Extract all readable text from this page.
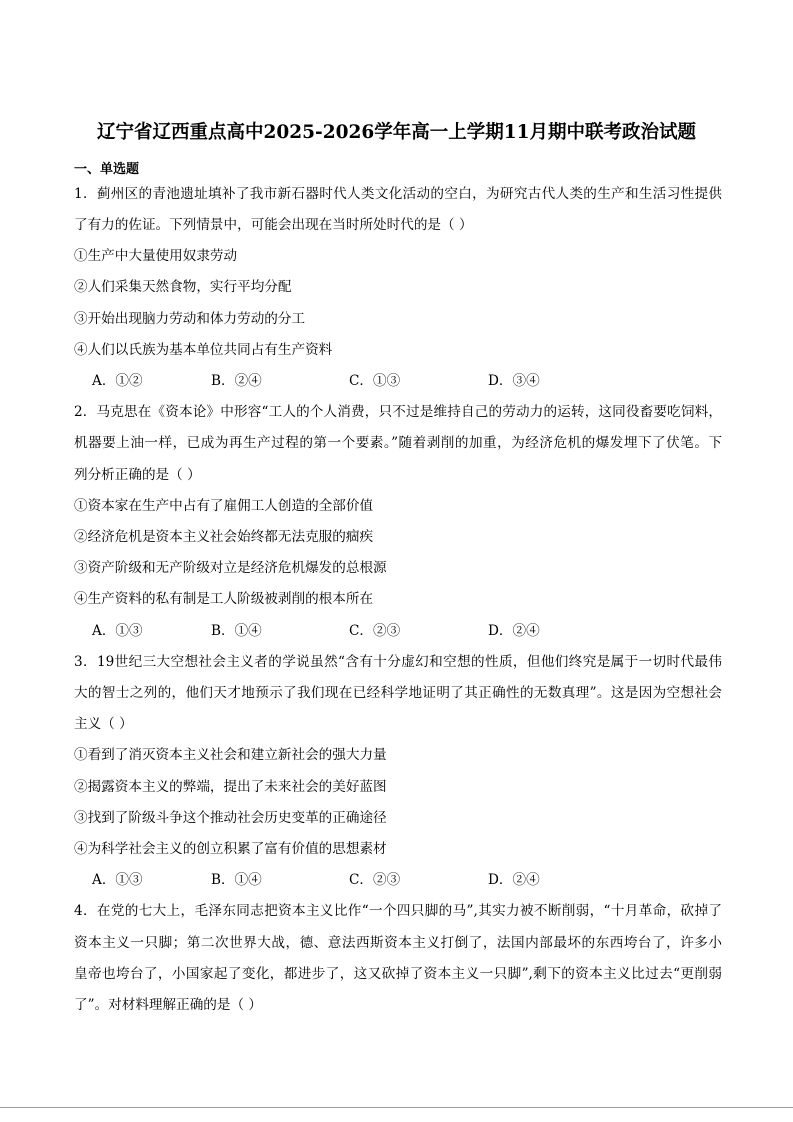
辽宁省辽西重点高中2025-2026学年高一上学期11月期中联考政治试题
一、单选题
1．蓟州区的青池遗址填补了我市新石器时代人类文化活动的空白，为研究古代人类的生产和生活习性提供
了有力的佐证。下列情景中，可能会出现在当时所处时代的是（ ）
①生产中大量使用奴隶劳动
②人们采集天然食物，实行平均分配
③开始出现脑力劳动和体力劳动的分工
④人们以氏族为基本单位共同占有生产资料
A．①②	B．②④	C．①③	D．③④
2．马克思在《资本论》中形容“工人的个人消费，只不过是维持自己的劳动力的运转，这同役畜要吃饲料，
机器要上油一样，已成为再生产过程的第一个要素。”随着剥削的加重，为经济危机的爆发埋下了伏笔。下
列分析正确的是（ ）
①资本家在生产中占有了雇佣工人创造的全部价值
②经济危机是资本主义社会始终都无法克服的痼疾
③资产阶级和无产阶级对立是经济危机爆发的总根源
④生产资料的私有制是工人阶级被剥削的根本所在
A．①③	B．①④	C．②③	D．②④
3．19世纪三大空想社会主义者的学说虽然“含有十分虚幻和空想的性质，但他们终究是属于一切时代最伟
大的智士之列的，他们天才地预示了我们现在已经科学地证明了其正确性的无数真理”。这是因为空想社会
主义（ ）
①看到了消灭资本主义社会和建立新社会的强大力量
②揭露资本主义的弊端，提出了未来社会的美好蓝图
③找到了阶级斗争这个推动社会历史变革的正确途径
④为科学社会主义的创立积累了富有价值的思想素材
A．①③	B．①④	C．②③	D．②④
4．在党的七大上，毛泽东同志把资本主义比作“一个四只脚的马”,其实力被不断削弱，“十月革命，砍掉了
资本主义一只脚；第二次世界大战，德、意法西斯资本主义打倒了，法国内部最坏的东西垮台了，许多小
皇帝也垮台了，小国家起了变化，都进步了，这又砍掉了资本主义一只脚”,剩下的资本主义比过去“更削弱
了”。对材料理解正确的是（ ）
